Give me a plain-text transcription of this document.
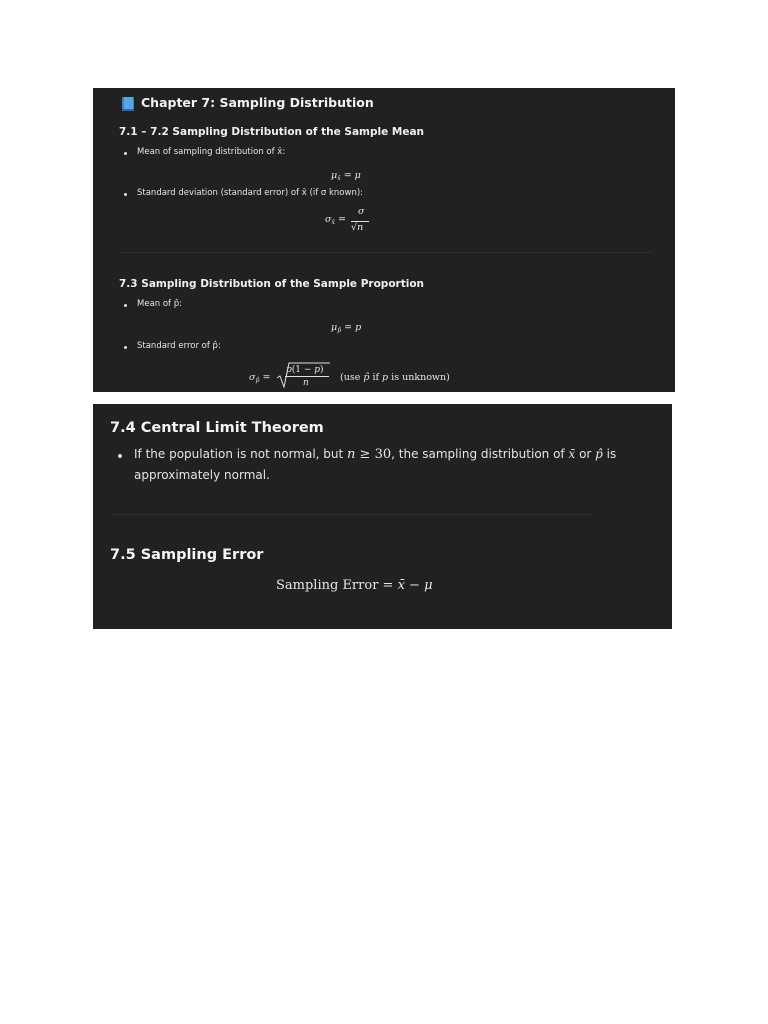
Chapter 7: Sampling Distribution
7.1 – 7.2 Sampling Distribution of the Sample Mean
Mean of sampling distribution of x̄:
$\mu_{x̄} = \mu$
Standard deviation (standard error) of x̄ (if σ known):
$\sigma_{x̄}$ =
σ
√n
7.3 Sampling Distribution of the Sample Proportion
Mean of p̂:
$\mu_{p̂} = p$
Standard error of p̂:
$\sigma_{p̂}$ =
p(1 − p)
n	(use p̂ if p is unknown)
7.4 Central Limit Theorem
If the population is not normal, but n ≥ 30, the sampling distribution of x̄ or p̂ is
approximately normal.
7.5 Sampling Error
Sampling Error = x̄ − μ
